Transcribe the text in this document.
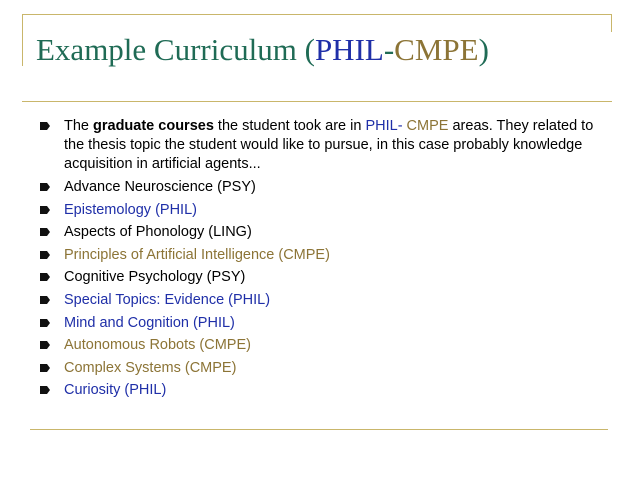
Example Curriculum (PHIL-CMPE)
The graduate courses the student took are in PHIL- CMPE areas. They related to the thesis topic the student would like to pursue, in this case probably knowledge acquisition in artificial agents...
Advance Neuroscience (PSY)
Epistemology (PHIL)
Aspects of Phonology (LING)
Principles of Artificial Intelligence (CMPE)
Cognitive Psychology (PSY)
Special Topics: Evidence (PHIL)
Mind and Cognition (PHIL)
Autonomous Robots (CMPE)
Complex Systems (CMPE)
Curiosity (PHIL)
